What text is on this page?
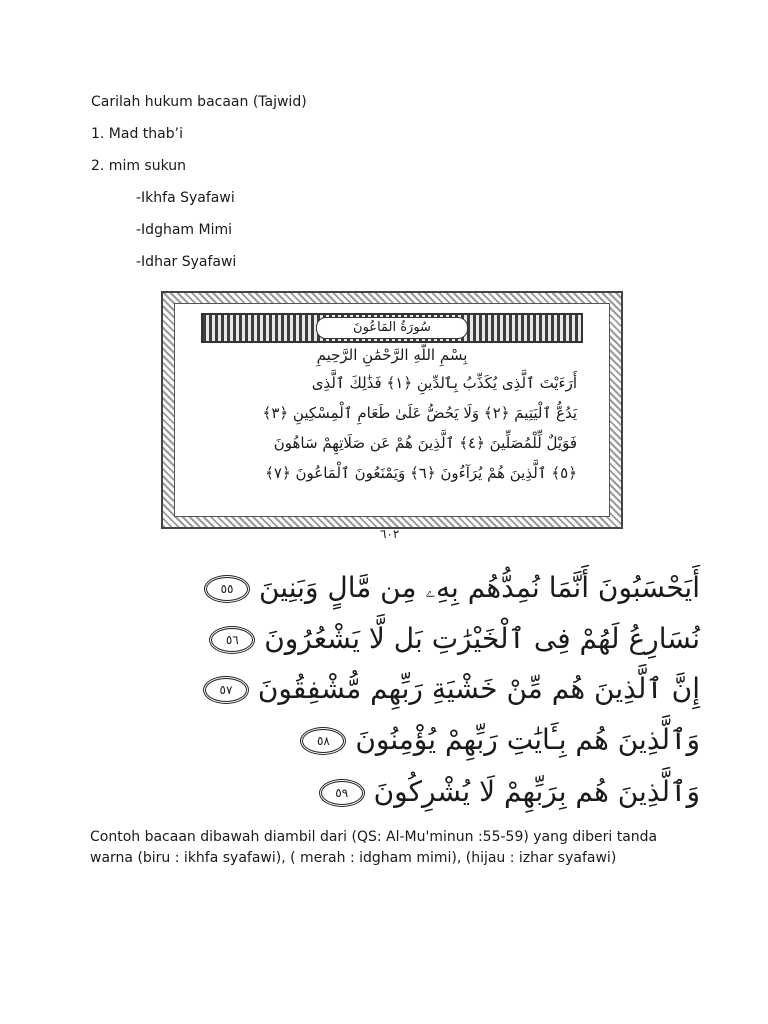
Carilah hukum bacaan (Tajwid)
1. Mad thab’i
2. mim sukun
-Ikhfa Syafawi
-Idgham Mimi
-Idhar Syafawi
سُورَةُ المَاعُونَ
بِسْمِ اللَّهِ الرَّحْمَٰنِ الرَّحِيمِ
أَرَءَيْتَ ٱلَّذِى يُكَذِّبُ بِٱلدِّينِ ﴿١﴾ فَذَٰلِكَ ٱلَّذِى
يَدُعُّ ٱلْيَتِيمَ ﴿٢﴾ وَلَا يَحُضُّ عَلَىٰ طَعَامِ ٱلْمِسْكِينِ ﴿٣﴾
فَوَيْلٌ لِّلْمُصَلِّينَ ﴿٤﴾ ٱلَّذِينَ هُمْ عَن صَلَاتِهِمْ سَاهُونَ
﴿٥﴾ ٱلَّذِينَ هُمْ يُرَآءُونَ ﴿٦﴾ وَيَمْنَعُونَ ٱلْمَاعُونَ ﴿٧﴾
٦٠٢
أَيَحْسَبُونَ أَنَّمَا نُمِدُّهُم بِهِۦ مِن مَّالٍ وَبَنِينَ ٥٥
نُسَارِعُ لَهُمْ فِى ٱلْخَيْرَٰتِ بَل لَّا يَشْعُرُونَ ٥٦
إِنَّ ٱلَّذِينَ هُم مِّنْ خَشْيَةِ رَبِّهِم مُّشْفِقُونَ ٥٧
وَٱلَّذِينَ هُم بِـَٔايَٰتِ رَبِّهِمْ يُؤْمِنُونَ ٥٨
وَٱلَّذِينَ هُم بِرَبِّهِمْ لَا يُشْرِكُونَ ٥٩
Contoh bacaan dibawah diambil dari (QS: Al-Mu'minun :55-59) yang diberi tanda warna (biru : ikhfa syafawi), ( merah : idgham mimi), (hijau : izhar syafawi)
